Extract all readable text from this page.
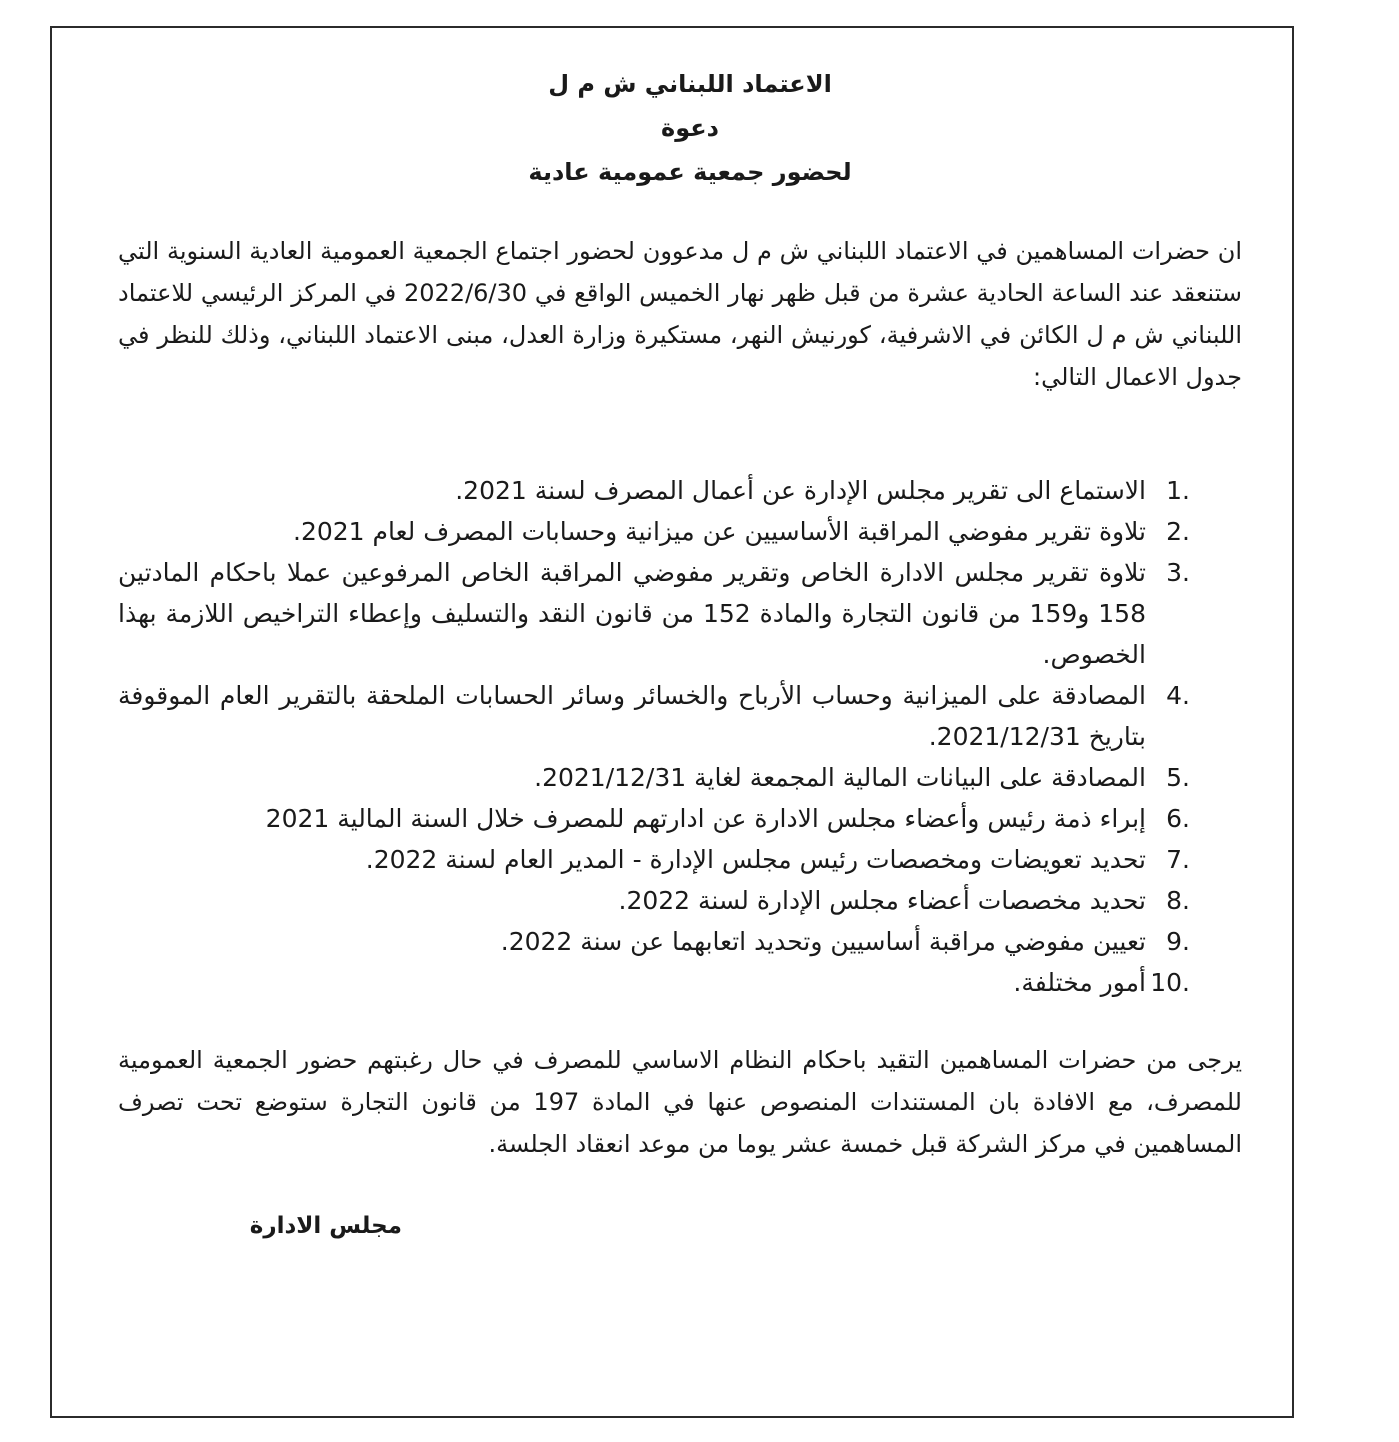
الاعتماد اللبناني ش م ل
دعوة
لحضور جمعية عمومية عادية

ان حضرات المساهمين في الاعتماد اللبناني ش م ل مدعوون لحضور اجتماع الجمعية العمومية العادية السنوية التي ستنعقد عند الساعة الحادية عشرة من قبل ظهر نهار الخميس الواقع في 2022/6/30 في المركز الرئيسي للاعتماد اللبناني ش م ل الكائن في الاشرفية، كورنيش النهر، مستكيرة وزارة العدل، مبنى الاعتماد اللبناني، وذلك للنظر في جدول الاعمال التالي:

1.
الاستماع الى تقرير مجلس الإدارة عن أعمال المصرف لسنة 2021.
2.
تلاوة تقرير مفوضي المراقبة الأساسيين عن ميزانية وحسابات المصرف لعام 2021.
3.
تلاوة تقرير مجلس الادارة الخاص وتقرير مفوضي المراقبة الخاص المرفوعين عملا باحكام المادتين 158 و159 من قانون التجارة والمادة 152 من قانون النقد والتسليف وإعطاء التراخيص اللازمة بهذا الخصوص.
4.
المصادقة على الميزانية وحساب الأرباح والخسائر وسائر الحسابات الملحقة بالتقرير العام الموقوفة بتاريخ 2021/12/31.
5.
المصادقة على البيانات المالية المجمعة لغاية 2021/12/31.
6.
إبراء ذمة رئيس وأعضاء مجلس الادارة عن ادارتهم للمصرف خلال السنة المالية 2021
7.
تحديد تعويضات ومخصصات رئيس مجلس الإدارة - المدير العام لسنة 2022.
8.
تحديد مخصصات أعضاء مجلس الإدارة لسنة 2022.
9.
تعيين مفوضي مراقبة أساسيين وتحديد اتعابهما عن سنة 2022.
10.
أمور مختلفة.

يرجى من حضرات المساهمين التقيد باحكام النظام الاساسي للمصرف في حال رغبتهم حضور الجمعية العمومية للمصرف، مع الافادة بان المستندات المنصوص عنها في المادة 197 من قانون التجارة ستوضع تحت تصرف المساهمين في مركز الشركة قبل خمسة عشر يوما من موعد انعقاد الجلسة.

مجلس الادارة
